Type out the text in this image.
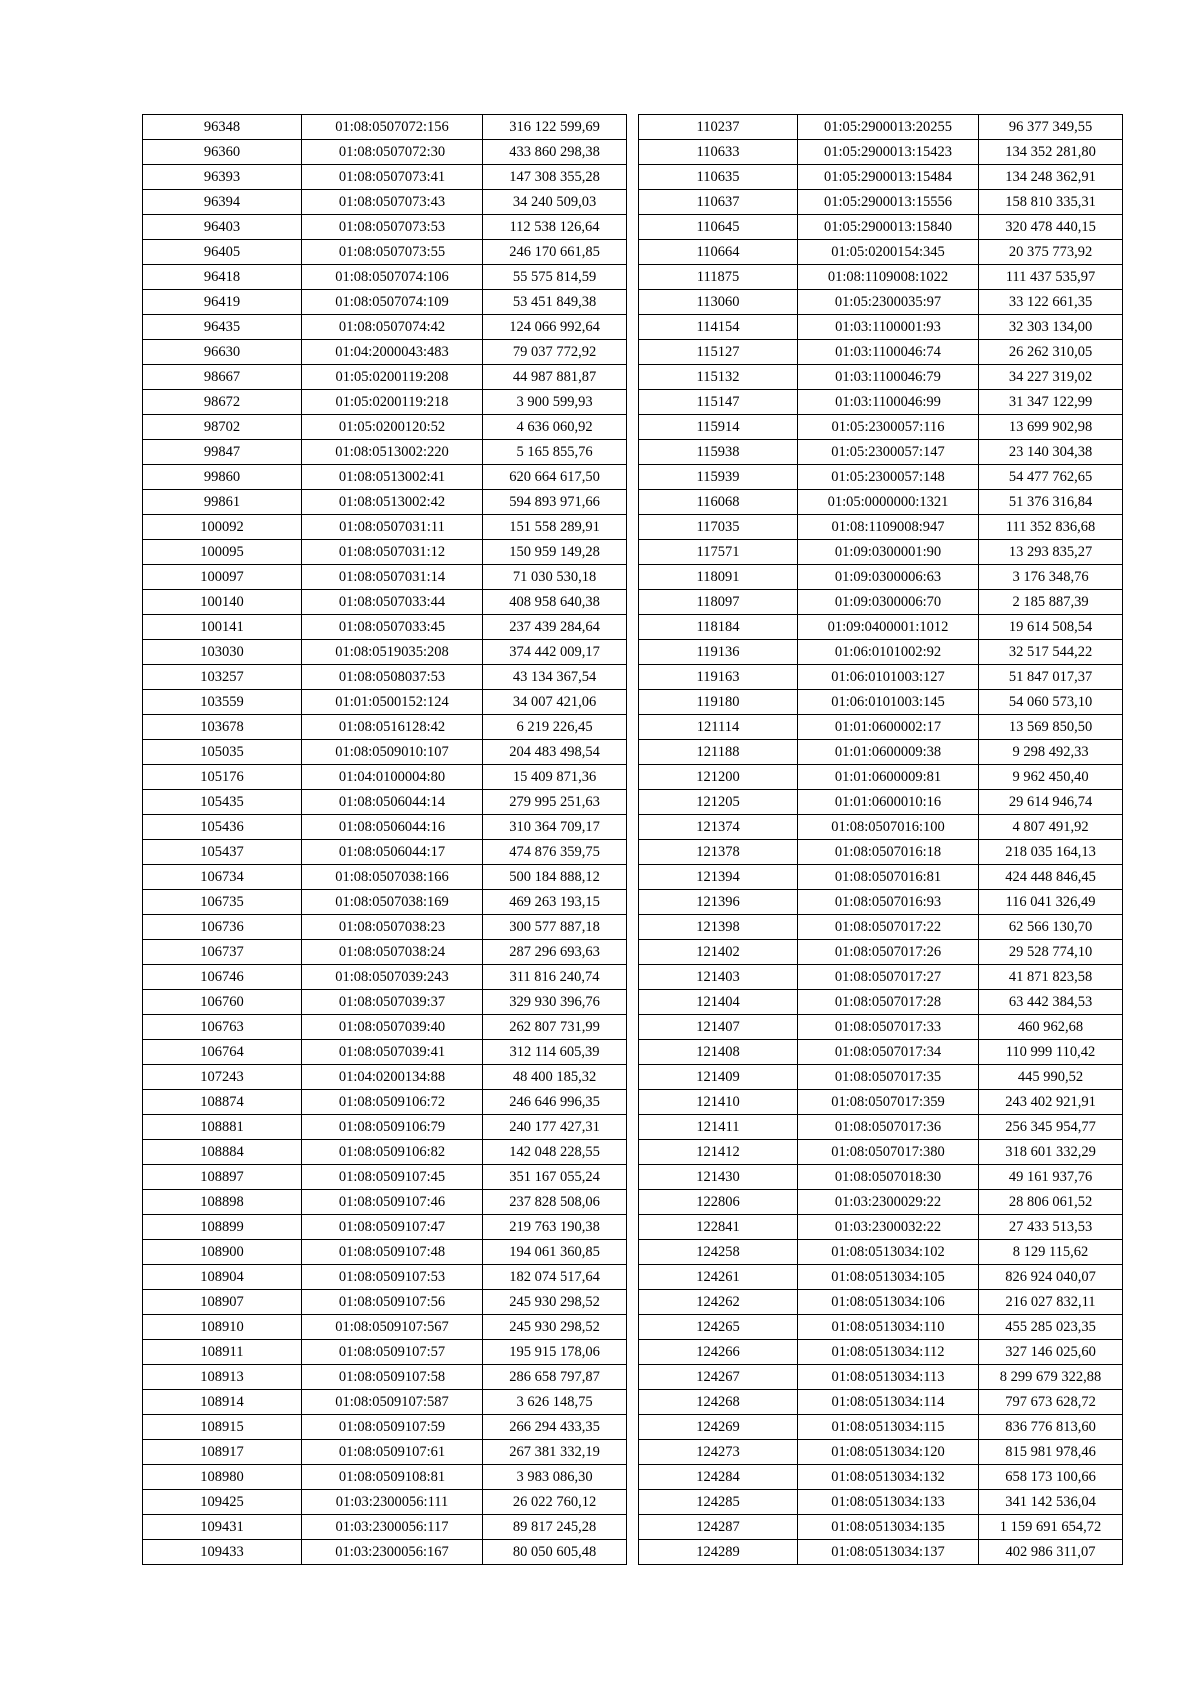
96348	01:08:0507072:156	316 122 599,69
96360	01:08:0507072:30	433 860 298,38
96393	01:08:0507073:41	147 308 355,28
96394	01:08:0507073:43	34 240 509,03
96403	01:08:0507073:53	112 538 126,64
96405	01:08:0507073:55	246 170 661,85
96418	01:08:0507074:106	55 575 814,59
96419	01:08:0507074:109	53 451 849,38
96435	01:08:0507074:42	124 066 992,64
96630	01:04:2000043:483	79 037 772,92
98667	01:05:0200119:208	44 987 881,87
98672	01:05:0200119:218	3 900 599,93
98702	01:05:0200120:52	4 636 060,92
99847	01:08:0513002:220	5 165 855,76
99860	01:08:0513002:41	620 664 617,50
99861	01:08:0513002:42	594 893 971,66
100092	01:08:0507031:11	151 558 289,91
100095	01:08:0507031:12	150 959 149,28
100097	01:08:0507031:14	71 030 530,18
100140	01:08:0507033:44	408 958 640,38
100141	01:08:0507033:45	237 439 284,64
103030	01:08:0519035:208	374 442 009,17
103257	01:08:0508037:53	43 134 367,54
103559	01:01:0500152:124	34 007 421,06
103678	01:08:0516128:42	6 219 226,45
105035	01:08:0509010:107	204 483 498,54
105176	01:04:0100004:80	15 409 871,36
105435	01:08:0506044:14	279 995 251,63
105436	01:08:0506044:16	310 364 709,17
105437	01:08:0506044:17	474 876 359,75
106734	01:08:0507038:166	500 184 888,12
106735	01:08:0507038:169	469 263 193,15
106736	01:08:0507038:23	300 577 887,18
106737	01:08:0507038:24	287 296 693,63
106746	01:08:0507039:243	311 816 240,74
106760	01:08:0507039:37	329 930 396,76
106763	01:08:0507039:40	262 807 731,99
106764	01:08:0507039:41	312 114 605,39
107243	01:04:0200134:88	48 400 185,32
108874	01:08:0509106:72	246 646 996,35
108881	01:08:0509106:79	240 177 427,31
108884	01:08:0509106:82	142 048 228,55
108897	01:08:0509107:45	351 167 055,24
108898	01:08:0509107:46	237 828 508,06
108899	01:08:0509107:47	219 763 190,38
108900	01:08:0509107:48	194 061 360,85
108904	01:08:0509107:53	182 074 517,64
108907	01:08:0509107:56	245 930 298,52
108910	01:08:0509107:567	245 930 298,52
108911	01:08:0509107:57	195 915 178,06
108913	01:08:0509107:58	286 658 797,87
108914	01:08:0509107:587	3 626 148,75
108915	01:08:0509107:59	266 294 433,35
108917	01:08:0509107:61	267 381 332,19
108980	01:08:0509108:81	3 983 086,30
109425	01:03:2300056:111	26 022 760,12
109431	01:03:2300056:117	89 817 245,28
109433	01:03:2300056:167	80 050 605,48
110237	01:05:2900013:20255	96 377 349,55
110633	01:05:2900013:15423	134 352 281,80
110635	01:05:2900013:15484	134 248 362,91
110637	01:05:2900013:15556	158 810 335,31
110645	01:05:2900013:15840	320 478 440,15
110664	01:05:0200154:345	20 375 773,92
111875	01:08:1109008:1022	111 437 535,97
113060	01:05:2300035:97	33 122 661,35
114154	01:03:1100001:93	32 303 134,00
115127	01:03:1100046:74	26 262 310,05
115132	01:03:1100046:79	34 227 319,02
115147	01:03:1100046:99	31 347 122,99
115914	01:05:2300057:116	13 699 902,98
115938	01:05:2300057:147	23 140 304,38
115939	01:05:2300057:148	54 477 762,65
116068	01:05:0000000:1321	51 376 316,84
117035	01:08:1109008:947	111 352 836,68
117571	01:09:0300001:90	13 293 835,27
118091	01:09:0300006:63	3 176 348,76
118097	01:09:0300006:70	2 185 887,39
118184	01:09:0400001:1012	19 614 508,54
119136	01:06:0101002:92	32 517 544,22
119163	01:06:0101003:127	51 847 017,37
119180	01:06:0101003:145	54 060 573,10
121114	01:01:0600002:17	13 569 850,50
121188	01:01:0600009:38	9 298 492,33
121200	01:01:0600009:81	9 962 450,40
121205	01:01:0600010:16	29 614 946,74
121374	01:08:0507016:100	4 807 491,92
121378	01:08:0507016:18	218 035 164,13
121394	01:08:0507016:81	424 448 846,45
121396	01:08:0507016:93	116 041 326,49
121398	01:08:0507017:22	62 566 130,70
121402	01:08:0507017:26	29 528 774,10
121403	01:08:0507017:27	41 871 823,58
121404	01:08:0507017:28	63 442 384,53
121407	01:08:0507017:33	460 962,68
121408	01:08:0507017:34	110 999 110,42
121409	01:08:0507017:35	445 990,52
121410	01:08:0507017:359	243 402 921,91
121411	01:08:0507017:36	256 345 954,77
121412	01:08:0507017:380	318 601 332,29
121430	01:08:0507018:30	49 161 937,76
122806	01:03:2300029:22	28 806 061,52
122841	01:03:2300032:22	27 433 513,53
124258	01:08:0513034:102	8 129 115,62
124261	01:08:0513034:105	826 924 040,07
124262	01:08:0513034:106	216 027 832,11
124265	01:08:0513034:110	455 285 023,35
124266	01:08:0513034:112	327 146 025,60
124267	01:08:0513034:113	8 299 679 322,88
124268	01:08:0513034:114	797 673 628,72
124269	01:08:0513034:115	836 776 813,60
124273	01:08:0513034:120	815 981 978,46
124284	01:08:0513034:132	658 173 100,66
124285	01:08:0513034:133	341 142 536,04
124287	01:08:0513034:135	1 159 691 654,72
124289	01:08:0513034:137	402 986 311,07
